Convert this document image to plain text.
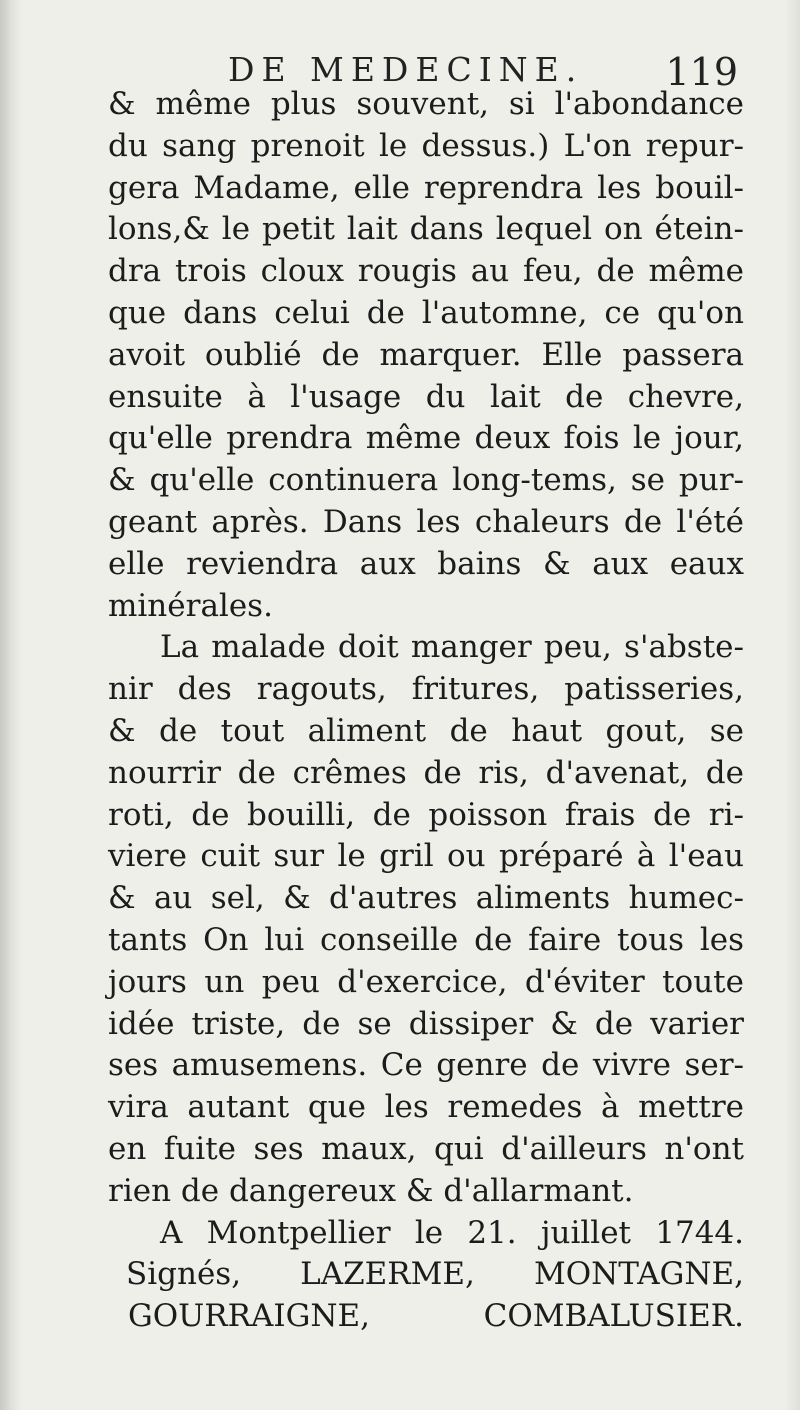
DE MEDECINE. 119
& même plus souvent, si l'abondance
du sang prenoit le dessus.) L'on repur-
gera Madame, elle reprendra les bouil-
lons,& le petit lait dans lequel on étein-
dra trois cloux rougis au feu, de même
que dans celui de l'automne, ce qu'on
avoit oublié de marquer. Elle passera
ensuite à l'usage du lait de chevre,
qu'elle prendra même deux fois le jour,
& qu'elle continuera long-tems, se pur-
geant après. Dans les chaleurs de l'été
elle reviendra aux bains & aux eaux
minérales.
La malade doit manger peu, s'abste-
nir des ragouts, fritures, patisseries,
& de tout aliment de haut gout, se
nourrir de crêmes de ris, d'avenat, de
roti, de bouilli, de poisson frais de ri-
viere cuit sur le gril ou préparé à l'eau
& au sel, & d'autres aliments humec-
tants On lui conseille de faire tous les
jours un peu d'exercice, d'éviter toute
idée triste, de se dissiper & de varier
ses amusemens. Ce genre de vivre ser-
vira autant que les remedes à mettre
en fuite ses maux, qui d'ailleurs n'ont
rien de dangereux & d'allarmant.
A Montpellier le 21. juillet 1744.
Signés, LAZERME, MONTAGNE,
GOURRAIGNE, COMBALUSIER.
